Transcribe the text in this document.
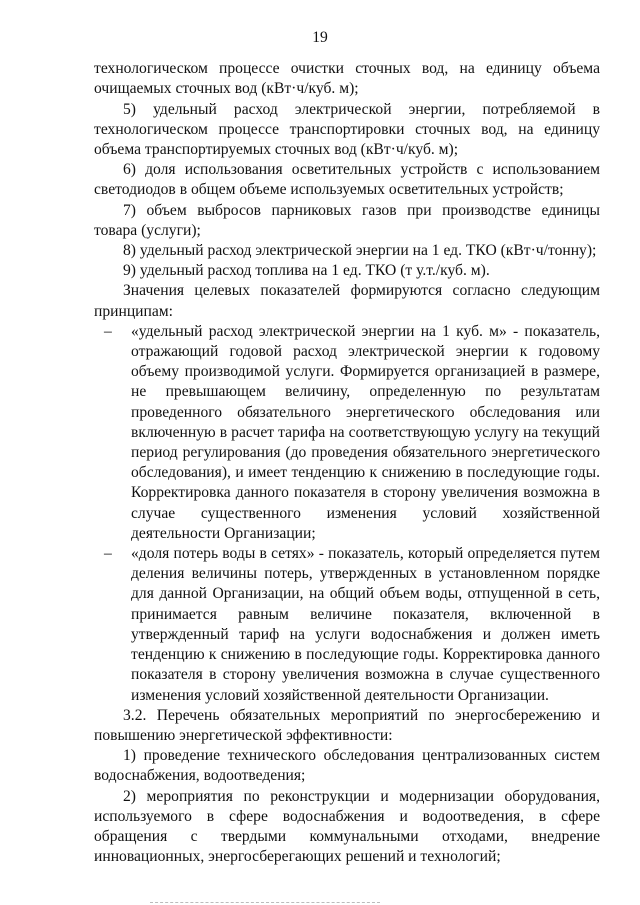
19

технологическом процессе очистки сточных вод, на единицу объема очищаемых сточных вод (кВт·ч/куб. м);

5) удельный расход электрической энергии, потребляемой в технологическом процессе транспортировки сточных вод, на единицу объема транспортируемых сточных вод (кВт·ч/куб. м);

6) доля использования осветительных устройств с использованием светодиодов в общем объеме используемых осветительных устройств;

7) объем выбросов парниковых газов при производстве единицы товара (услуги);

8) удельный расход электрической энергии на 1 ед. ТКО (кВт·ч/тонну);

9) удельный расход топлива на 1 ед. ТКО (т у.т./куб. м).

Значения целевых показателей формируются согласно следующим принципам:

– «удельный расход электрической энергии на 1 куб. м» - показатель, отражающий годовой расход электрической энергии к годовому объему производимой услуги. Формируется организацией в размере, не превышающем величину, определенную по результатам проведенного обязательного энергетического обследования или включенную в расчет тарифа на соответствующую услугу на текущий период регулирования (до проведения обязательного энергетического обследования), и имеет тенденцию к снижению в последующие годы. Корректировка данного показателя в сторону увеличения возможна в случае существенного изменения условий хозяйственной деятельности Организации;
– «доля потерь воды в сетях» - показатель, который определяется путем деления величины потерь, утвержденных в установленном порядке для данной Организации, на общий объем воды, отпущенной в сеть, принимается равным величине показателя, включенной в утвержденный тариф на услуги водоснабжения и должен иметь тенденцию к снижению в последующие годы. Корректировка данного показателя в сторону увеличения возможна в случае существенного изменения условий хозяйственной деятельности Организации.

3.2. Перечень обязательных мероприятий по энергосбережению и повышению энергетической эффективности:

1) проведение технического обследования централизованных систем водоснабжения, водоотведения;

2) мероприятия по реконструкции и модернизации оборудования, используемого в сфере водоснабжения и водоотведения, в сфере обращения с твердыми коммунальными отходами, внедрение инновационных, энергосберегающих решений и технологий;
